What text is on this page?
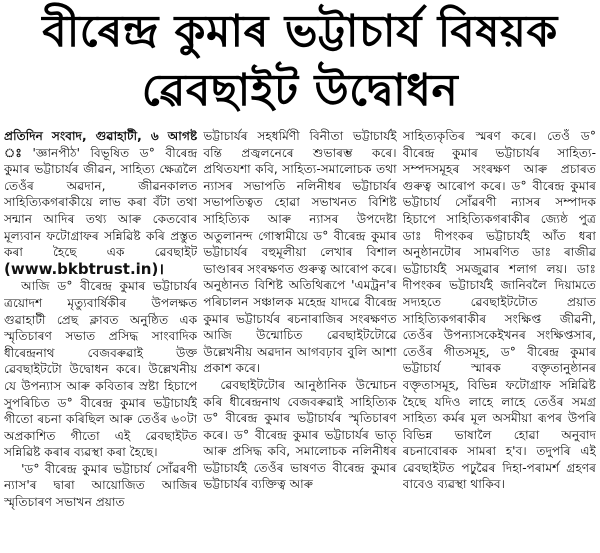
বীৰেন্দ্ৰ কুমাৰ ভট্টাচাৰ্য বিষয়ক
ৱেবছাইট উদ্বোধন

প্ৰতিদিন সংবাদ, গুৱাহাটী, ৬ আগষ্ট ঃ 'জ্ঞানপীঠ' বিভূষিত ড° বীৰেন্দ্ৰ কুমাৰ ভট্টাচাৰ্যৰ জীৱন, সাহিত্য ক্ষেত্ৰলৈ তেওঁৰ অৱদান, জীৱনকালত সাহিত্যিকগৰাকীয়ে লাভ কৰা বঁটা তথা সন্মান আদিৰ তথ্য আৰু কেতবোৰ মূল্যবান ফটোগ্ৰাফৰ সন্নিৱিষ্ট কৰি প্ৰস্তুত কৰা হৈছে এক ৱেবছাইট (www.bkbtrust.in)।

আজি ড° বীৰেন্দ্ৰ কুমাৰ ভট্টাচাৰ্যৰ ত্ৰয়োদশ মৃত্যুবাৰ্ষিকীৰ উপলক্ষত গুৱাহাটী প্ৰেছ ক্লাবত অনুষ্ঠিত এক স্মৃতিচাৰণ সভাত প্ৰসিদ্ধ সাংবাদিক ধীৰেন্দ্ৰনাথ বেজবৰুৱাই উক্ত ৱেবছাইটটো উদ্বোধন কৰে। উল্লেখনীয় যে উপন্যাস আৰু কবিতাৰ স্ৰষ্টা হিচাপে সুপৰিচিত ড° বীৰেন্দ্ৰ কুমাৰ ভট্টাচাৰ্যই গীতো ৰচনা কৰিছিল আৰু তেওঁৰ ৬০টা অপ্ৰকাশিত গীতো এই ৱেবছাইটত সন্নিৱিষ্ট কৰাৰ ব্যৱস্থা কৰা হৈছে।

'ড° বীৰেন্দ্ৰ কুমাৰ ভট্টাচাৰ্য সোঁৱৰণী ন্যাস'ৰ দ্বাৰা আয়োজিত আজিৰ স্মৃতিচাৰণ সভাখন প্ৰয়াত

ভট্টাচাৰ্যৰ সহধৰ্মিণী বিনীতা ভট্টাচাৰ্যই বন্তি প্ৰজ্বলনেৰে শুভাৰম্ভ কৰে। প্ৰথিতযশা কবি, সাহিত্য-সমালোচক তথা ন্যাসৰ সভাপতি নলিনীধৰ ভট্টাচাৰ্যৰ সভাপতিত্বত হোৱা সভাখনত বিশিষ্ট সাহিত্যিক আৰু ন্যাসৰ উপদেষ্টা অতুলানন্দ গোস্বামীয়ে ড° বীৰেন্দ্ৰ কুমাৰ ভট্টাচাৰ্যৰ বহুমূলীয়া লেখাৰ বিশাল ভাণ্ডাৰৰ সংৰক্ষণত গুৰুত্ব আৰোপ কৰে। অনুষ্ঠানত বিশিষ্ট অতিথিৰূপে 'এমট্ৰন'ৰ পৰিচালন সঞ্চালক মহেন্দ্ৰ যাদৱে বীৰেন্দ্ৰ কুমাৰ ভট্টাচাৰ্যৰ ৰচনাৰাজিৰ সংৰক্ষণত আজি উন্মোচিত ৱেবছাইটটোৱে উল্লেখনীয় অৱদান আগবঢ়াব বুলি আশা প্ৰকাশ কৰে।

ৱেবছাইটটোৰ আনুষ্ঠানিক উন্মোচন কৰি ধীৰেন্দ্ৰনাথ বেজবৰুৱাই সাহিত্যিক ড° বীৰেন্দ্ৰ কুমাৰ ভট্টাচাৰ্যৰ স্মৃতিচাৰণ কৰে। ড° বীৰেন্দ্ৰ কুমাৰ ভট্টাচাৰ্যৰ ভাতৃ আৰু প্ৰসিদ্ধ কবি, সমালোচক নলিনীধৰ ভট্টাচাৰ্যই তেওঁৰ ভাষণত বীৰেন্দ্ৰ কুমাৰ ভট্টাচাৰ্যৰ ব্যক্তিত্ব আৰু

সাহিত্যকৃতিৰ স্মৰণ কৰে। তেওঁ ড° বীৰেন্দ্ৰ কুমাৰ ভট্টাচাৰ্যৰ সাহিত্য-সম্পদসমূহৰ সংৰক্ষণ আৰু প্ৰচাৰত গুৰুত্ব আৰোপ কৰে। ড° বীৰেন্দ্ৰ কুমাৰ ভট্টাচাৰ্য সোঁৱৰণী ন্যাসৰ সম্পাদক হিচাপে সাহিত্যিকগৰাকীৰ জ্যেষ্ঠ পুত্ৰ ডাঃ দীপংকৰ ভট্টাচাৰ্যই আঁত ধৰা অনুষ্ঠানটোৰ সামৰণিত ডাঃ ৰাজীৱ ভট্টাচাৰ্যই সমজুৱাৰ শলাগ লয়। ডাঃ দীপংকৰ ভট্টাচাৰ্যই জানিবলৈ দিয়ামতে সদ্যহতে ৱেবছাইটটোত প্ৰয়াত সাহিত্যিকগৰাকীৰ সংক্ষিপ্ত জীৱনী, তেওঁৰ উপন্যাসকেইখনৰ সংক্ষিপ্তসাৰ, তেওঁৰ গীতসমূহ, ড° বীৰেন্দ্ৰ কুমাৰ ভট্টাচাৰ্য স্মাৰক বক্তৃতানুষ্ঠানৰ বক্তৃতাসমূহ, বিভিন্ন ফটোগ্ৰাফ সন্নিৱিষ্ট হৈছে যদিও লাহে লাহে তেওঁৰ সমগ্ৰ সাহিত্য কৰ্মৰ মূল অসমীয়া ৰূপৰ উপৰি বিভিন্ন ভাষালৈ হোৱা অনুবাদ ৰচনাবোৰক সামৰা হ'ব। তদুপৰি এই ৱেবছাইটত পঢ়ুৱৈৰ দিহা-পৰামৰ্শ গ্ৰহণৰ বাবেও ব্যৱস্থা থাকিব।
